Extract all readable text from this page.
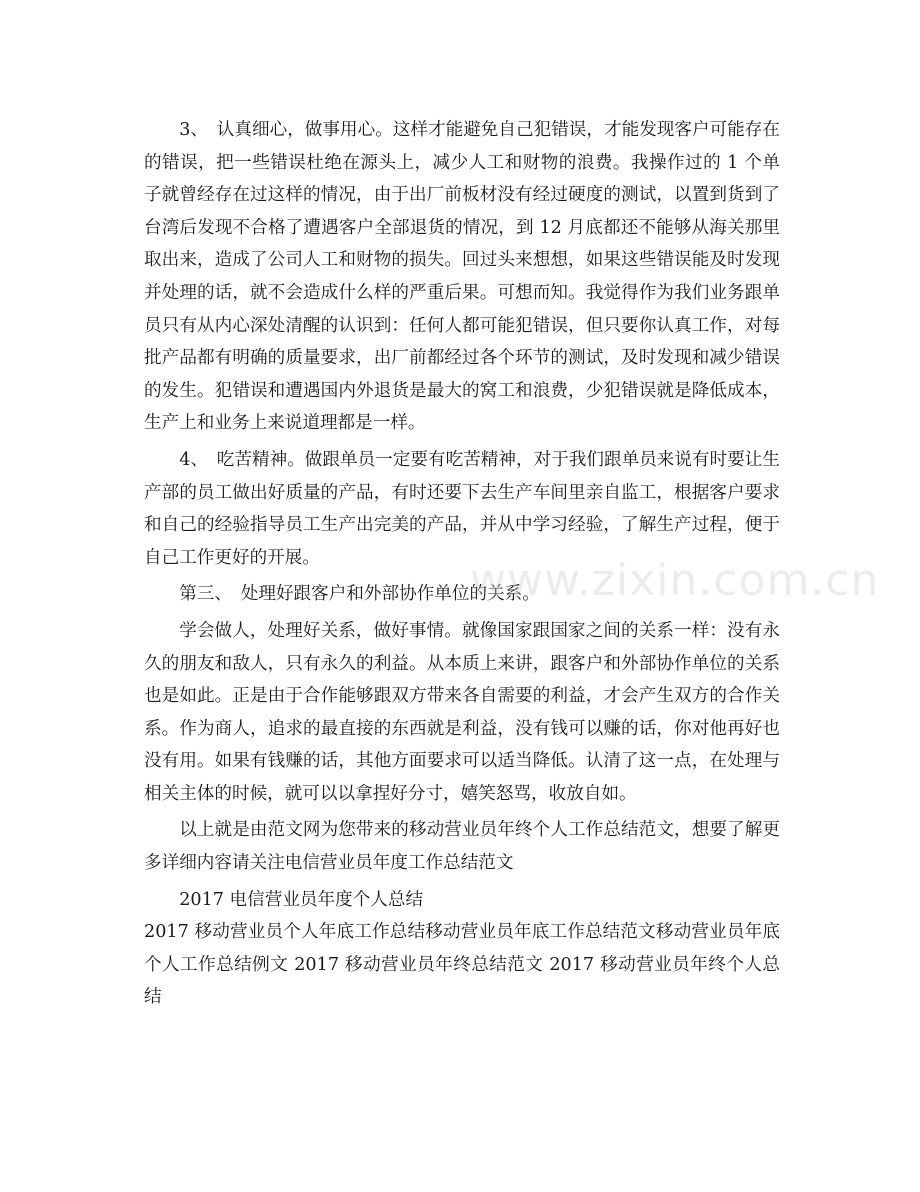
3、　认真细心，做事用心。这样才能避免自己犯错误，才能发现客户可能存在的错误，把一些错误杜绝在源头上，减少人工和财物的浪费。我操作过的 1 个单子就曾经存在过这样的情况，由于出厂前板材没有经过硬度的测试，以置到货到了台湾后发现不合格了遭遇客户全部退货的情况，到 12 月底都还不能够从海关那里取出来，造成了公司人工和财物的损失。回过头来想想，如果这些错误能及时发现并处理的话，就不会造成什么样的严重后果。可想而知。我觉得作为我们业务跟单员只有从内心深处清醒的认识到：任何人都可能犯错误，但只要你认真工作，对每批产品都有明确的质量要求，出厂前都经过各个环节的测试，及时发现和减少错误的发生。犯错误和遭遇国内外退货是最大的窝工和浪费，少犯错误就是降低成本，生产上和业务上来说道理都是一样。

4、　吃苦精神。做跟单员一定要有吃苦精神，对于我们跟单员来说有时要让生产部的员工做出好质量的产品，有时还要下去生产车间里亲自监工，根据客户要求和自己的经验指导员工生产出完美的产品，并从中学习经验，了解生产过程，便于自己工作更好的开展。

第三、　处理好跟客户和外部协作单位的关系。

学会做人，处理好关系，做好事情。就像国家跟国家之间的关系一样：没有永久的朋友和敌人，只有永久的利益。从本质上来讲，跟客户和外部协作单位的关系也是如此。正是由于合作能够跟双方带来各自需要的利益，才会产生双方的合作关系。作为商人，追求的最直接的东西就是利益，没有钱可以赚的话，你对他再好也没有用。如果有钱赚的话，其他方面要求可以适当降低。认清了这一点，在处理与相关主体的时候，就可以以拿捏好分寸，嬉笑怒骂，收放自如。

以上就是由范文网为您带来的移动营业员年终个人工作总结范文，想要了解更多详细内容请关注电信营业员年度工作总结范文

2017 电信营业员年度个人总结

2017 移动营业员个人年底工作总结移动营业员年底工作总结范文移动营业员年底个人工作总结例文 2017 移动营业员年终总结范文 2017 移动营业员年终个人总结

www.zixin.com.cn
